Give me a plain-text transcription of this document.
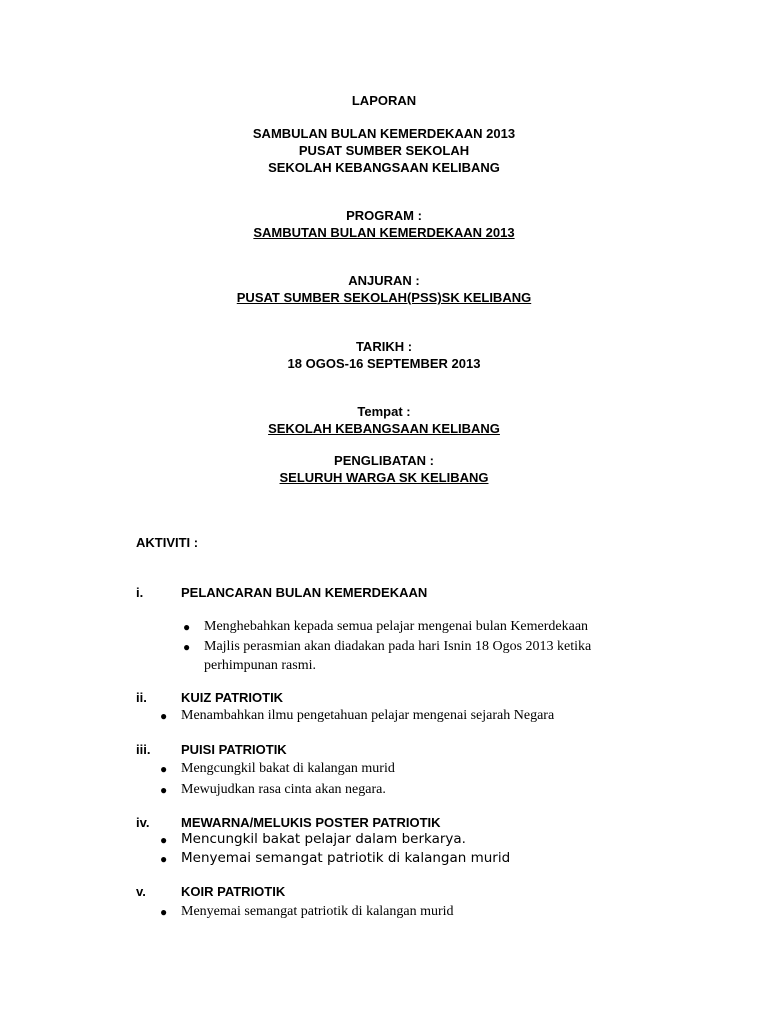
LAPORAN
SAMBULAN BULAN KEMERDEKAAN 2013
PUSAT SUMBER SEKOLAH
SEKOLAH KEBANGSAAN KELIBANG
PROGRAM :
SAMBUTAN BULAN KEMERDEKAAN 2013
ANJURAN :
PUSAT SUMBER SEKOLAH(PSS)SK KELIBANG
TARIKH :
18 OGOS-16 SEPTEMBER 2013
Tempat :
SEKOLAH KEBANGSAAN KELIBANG
PENGLIBATAN :
SELURUH WARGA SK KELIBANG
AKTIVITI :
i.	PELANCARAN BULAN KEMERDEKAAN
● Menghebahkan kepada semua pelajar mengenai bulan Kemerdekaan
● Majlis perasmian akan diadakan pada hari Isnin 18 Ogos 2013 ketika
perhimpunan rasmi.
ii.	KUIZ PATRIOTIK
● Menambahkan ilmu pengetahuan pelajar mengenai sejarah Negara
iii. PUISI PATRIOTIK
● Mengcungkil bakat di kalangan murid
● Mewujudkan rasa cinta akan negara.
iv. MEWARNA/MELUKIS POSTER PATRIOTIK
● Mencungkil bakat pelajar dalam berkarya.
● Menyemai semangat patriotik di kalangan murid
v.	KOIR PATRIOTIK
● Menyemai semangat patriotik di kalangan murid
